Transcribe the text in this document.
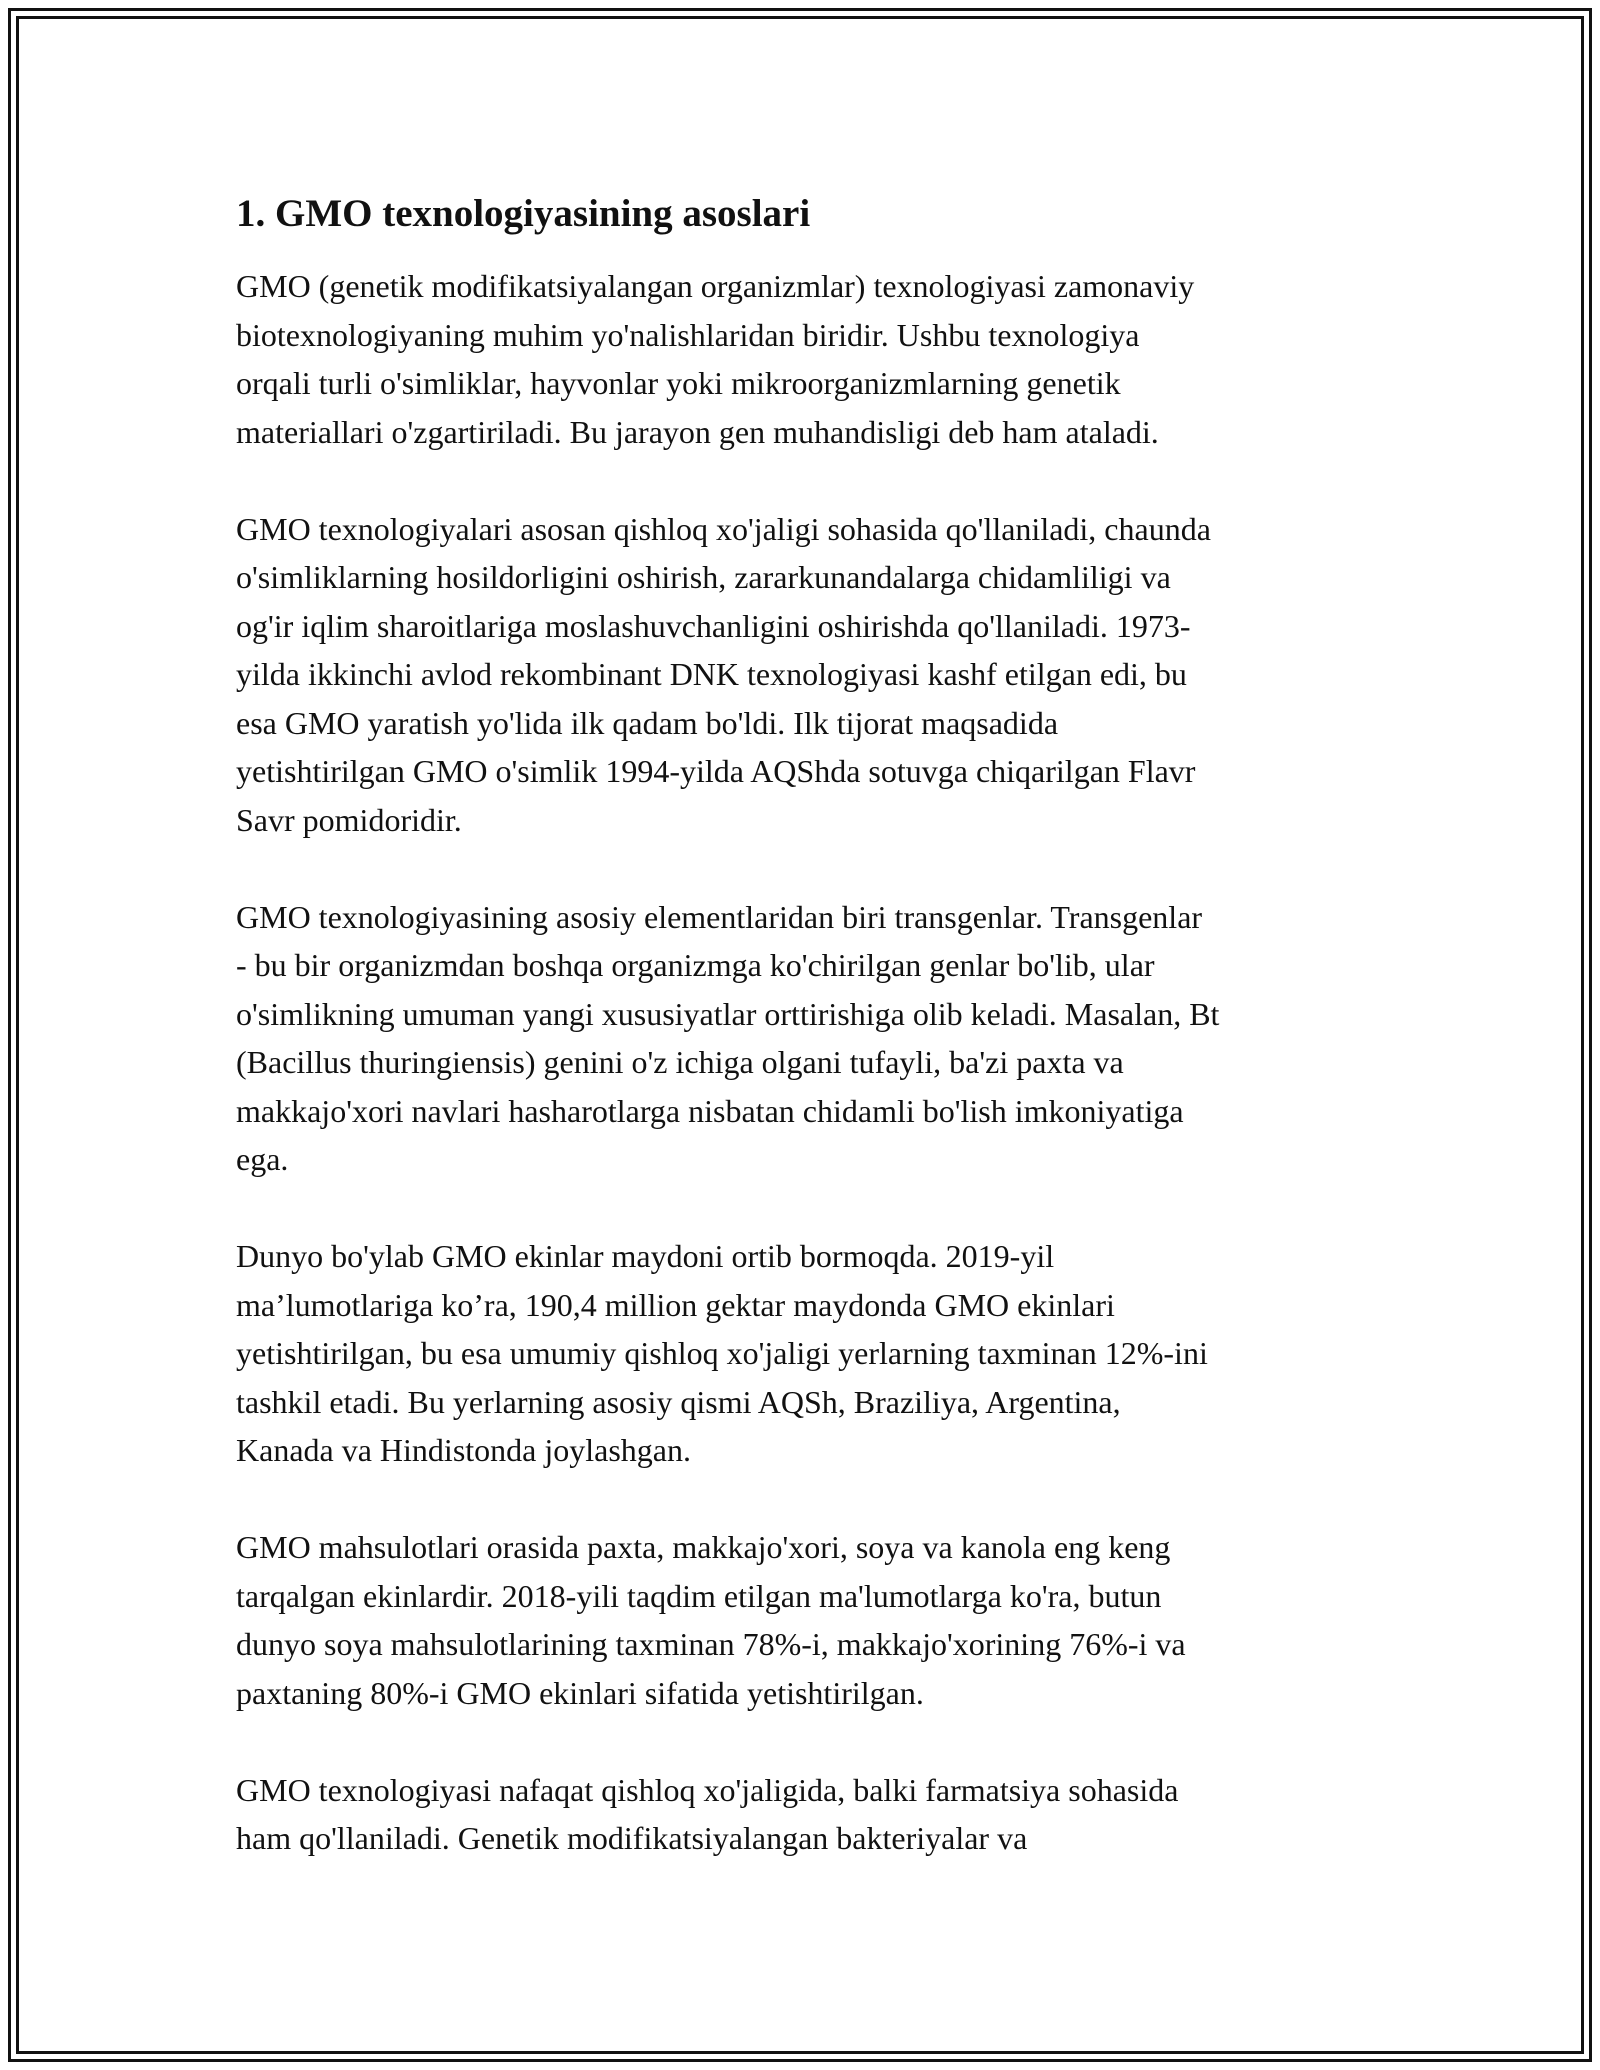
1. GMO texnologiyasining asoslari
GMO (genetik modifikatsiyalangan organizmlar) texnologiyasi zamonaviy
biotexnologiyaning muhim yo'nalishlaridan biridir. Ushbu texnologiya
orqali turli o'simliklar, hayvonlar yoki mikroorganizmlarning genetik
materiallari o'zgartiriladi. Bu jarayon gen muhandisligi deb ham ataladi.
GMO texnologiyalari asosan qishloq xo'jaligi sohasida qo'llaniladi, chaunda
o'simliklarning hosildorligini oshirish, zararkunandalarga chidamliligi va
og'ir iqlim sharoitlariga moslashuvchanligini oshirishda qo'llaniladi. 1973-
yilda ikkinchi avlod rekombinant DNK texnologiyasi kashf etilgan edi, bu
esa GMO yaratish yo'lida ilk qadam bo'ldi. Ilk tijorat maqsadida
yetishtirilgan GMO o'simlik 1994-yilda AQShda sotuvga chiqarilgan Flavr
Savr pomidoridir.
GMO texnologiyasining asosiy elementlaridan biri transgenlar. Transgenlar
- bu bir organizmdan boshqa organizmga ko'chirilgan genlar bo'lib, ular
o'simlikning umuman yangi xususiyatlar orttirishiga olib keladi. Masalan, Bt
(Bacillus thuringiensis) genini o'z ichiga olgani tufayli, ba'zi paxta va
makkajo'xori navlari hasharotlarga nisbatan chidamli bo'lish imkoniyatiga
ega.
Dunyo bo'ylab GMO ekinlar maydoni ortib bormoqda. 2019-yil
ma’lumotlariga ko’ra, 190,4 million gektar maydonda GMO ekinlari
yetishtirilgan, bu esa umumiy qishloq xo'jaligi yerlarning taxminan 12%-ini
tashkil etadi. Bu yerlarning asosiy qismi AQSh, Braziliya, Argentina,
Kanada va Hindistonda joylashgan.
GMO mahsulotlari orasida paxta, makkajo'xori, soya va kanola eng keng
tarqalgan ekinlardir. 2018-yili taqdim etilgan ma'lumotlarga ko'ra, butun
dunyo soya mahsulotlarining taxminan 78%-i, makkajo'xorining 76%-i va
paxtaning 80%-i GMO ekinlari sifatida yetishtirilgan.
GMO texnologiyasi nafaqat qishloq xo'jaligida, balki farmatsiya sohasida
ham qo'llaniladi. Genetik modifikatsiyalangan bakteriyalar va
